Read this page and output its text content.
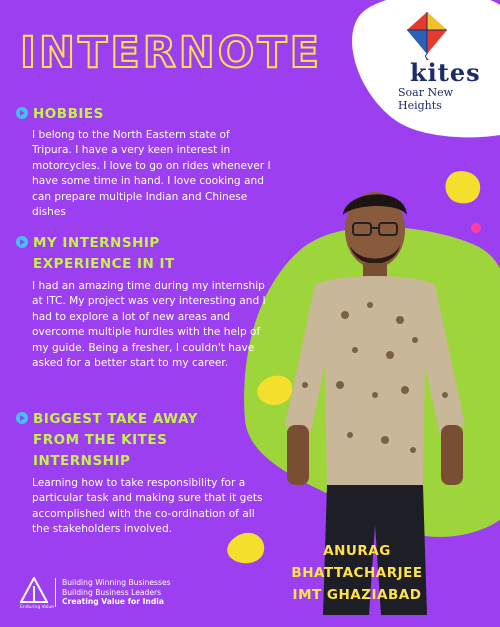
INTERNOTE	kites
Soar New Heights
HOBBIES
I belong to the North Eastern state of Tripura. I have a very keen interest in motorcycles. I love to go on rides whenever I have some time in hand. I love cooking and can prepare multiple Indian and Chinese dishes
MY INTERNSHIP
EXPERIENCE IN IT
I had an amazing time during my internship at ITC. My project was very interesting and I had to explore a lot of new areas and overcome multiple hurdles with the help of my guide. Being a fresher, I couldn't have asked for a better start to my career.
BIGGEST TAKE AWAY
FROM THE KITES
INTERNSHIP
Learning how to take responsibility for a particular task and making sure that it gets accomplished with the co-ordination of all the stakeholders involved.
ANURAG
BHATTACHARJEE
IMT GHAZIABAD
Enduring Value
Building Winning Businesses
Building Business Leaders
Creating Value for India
